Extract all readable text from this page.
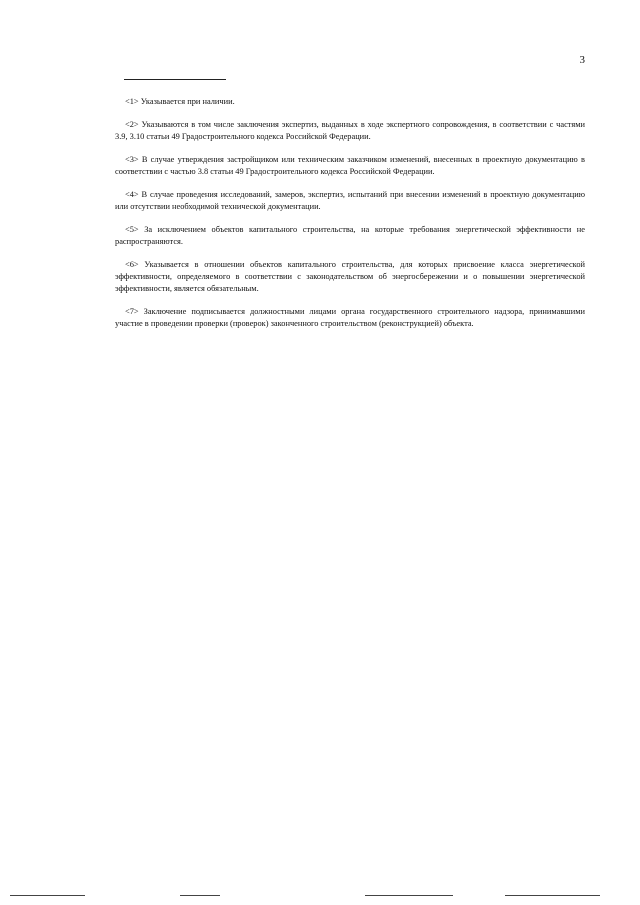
3

<1> Указывается при наличии.

<2> Указываются в том числе заключения экспертиз, выданных в ходе экспертного сопровождения, в соответствии с частями 3.9, 3.10 статьи 49 Градостроительного кодекса Российской Федерации.

<3> В случае утверждения застройщиком или техническим заказчиком изменений, внесенных в проектную документацию в соответствии с частью 3.8 статьи 49 Градостроительного кодекса Российской Федерации.

<4> В случае проведения исследований, замеров, экспертиз, испытаний при внесении изменений в проектную документацию или отсутствии необходимой технической документации.

<5> За исключением объектов капитального строительства, на которые требования энергетической эффективности не распространяются.

<6> Указывается в отношении объектов капитального строительства, для которых присвоение класса энергетической эффективности, определяемого в соответствии с законодательством об энергосбережении и о повышении энергетической эффективности, является обязательным.

<7> Заключение подписывается должностными лицами органа государственного строительного надзора, принимавшими участие в проведении проверки (проверок) законченного строительством (реконструкцией) объекта.
